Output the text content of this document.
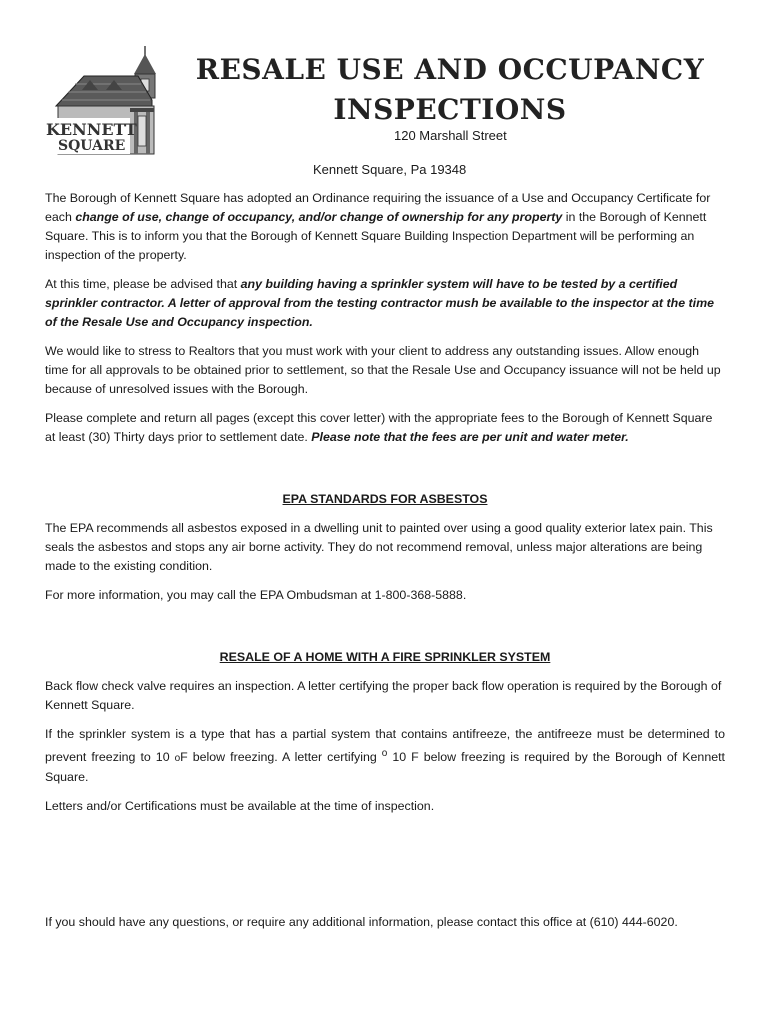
KENNETT
SQUARE
RESALE USE AND OCCUPANCY
INSPECTIONS
120 Marshall Street
Kennett Square, Pa 19348

The Borough of Kennett Square has adopted an Ordinance requiring the issuance of a Use and Occupancy Certificate for each change of use, change of occupancy, and/or change of ownership for any property in the Borough of Kennett Square. This is to inform you that the Borough of Kennett Square Building Inspection Department will be performing an inspection of the property.

At this time, please be advised that any building having a sprinkler system will have to be tested by a certified sprinkler contractor. A letter of approval from the testing contractor mush be available to the inspector at the time of the Resale Use and Occupancy inspection.

We would like to stress to Realtors that you must work with your client to address any outstanding issues. Allow enough time for all approvals to be obtained prior to settlement, so that the Resale Use and Occupancy issuance will not be held up because of unresolved issues with the Borough.

Please complete and return all pages (except this cover letter) with the appropriate fees to the Borough of Kennett Square at least (30) Thirty days prior to settlement date. Please note that the fees are per unit and water meter.

EPA STANDARDS FOR ASBESTOS

The EPA recommends all asbestos exposed in a dwelling unit to painted over using a good quality exterior latex pain. This seals the asbestos and stops any air borne activity. They do not recommend removal, unless major alterations are being made to the existing condition.

For more information, you may call the EPA Ombudsman at 1-800-368-5888.

RESALE OF A HOME WITH A FIRE SPRINKLER SYSTEM

Back flow check valve requires an inspection. A letter certifying the proper back flow operation is required by the Borough of Kennett Square.

If the sprinkler system is a type that has a partial system that contains antifreeze, the antifreeze must be determined to prevent freezing to 10 oF below freezing. A letter certifying $^o$ 10 F below freezing is required by the Borough of Kennett Square.

Letters and/or Certifications must be available at the time of inspection.

If you should have any questions, or require any additional information, please contact this office at (610) 444-6020.
